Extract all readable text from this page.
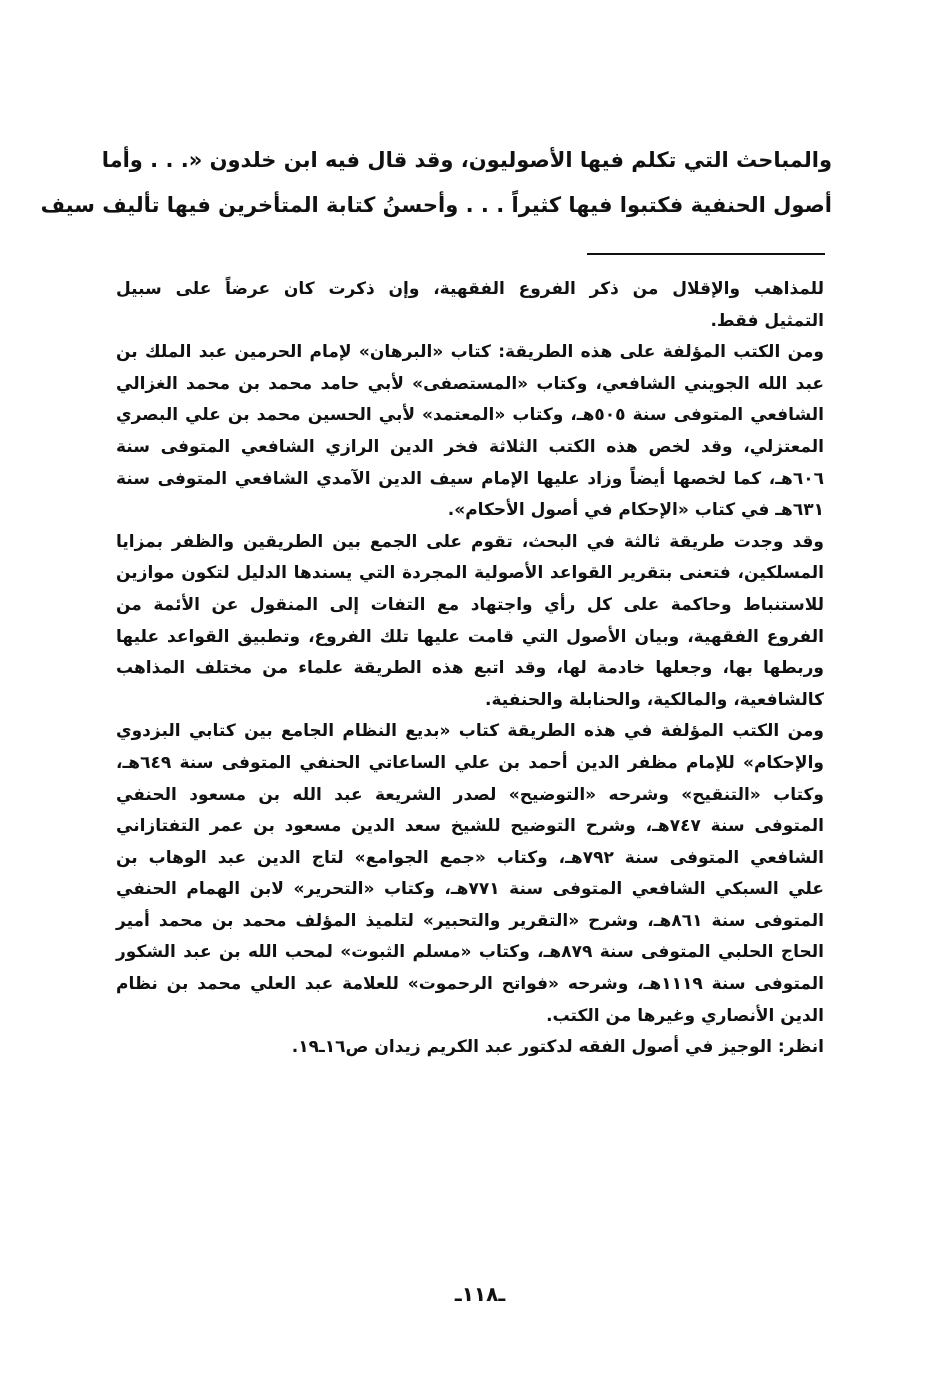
والمباحث التي تكلم فيها الأصوليون، وقد قال فيه ابن خلدون «. . . وأما
أصول الحنفية فكتبوا فيها كثيراً . . . وأحسنُ كتابة المتأخرين فيها تأليف سيف
للمذاهب والإقلال من ذكر الفروع الفقهية، وإن ذكرت كان عرضاً على سبيل
التمثيل فقط.
ومن الكتب المؤلفة على هذه الطريقة: كتاب «البرهان» لإمام الحرمين عبد الملك بن
عبد الله الجويني الشافعي، وكتاب «المستصفى» لأبي حامد محمد بن محمد الغزالي
الشافعي المتوفى سنة ٥٠٥هـ، وكتاب «المعتمد» لأبي الحسين محمد بن علي البصري
المعتزلي، وقد لخص هذه الكتب الثلاثة فخر الدين الرازي الشافعي المتوفى سنة
٦٠٦هـ، كما لخصها أيضاً وزاد عليها الإمام سيف الدين الآمدي الشافعي المتوفى سنة
٦٣١هـ في كتاب «الإحكام في أصول الأحكام».
وقد وجدت طريقة ثالثة في البحث، تقوم على الجمع بين الطريقين والظفر بمزايا
المسلكين، فتعنى بتقرير القواعد الأصولية المجردة التي يسندها الدليل لتكون موازين
للاستنباط وحاكمة على كل رأي واجتهاد مع التفات إلى المنقول عن الأئمة من
الفروع الفقهية، وبيان الأصول التي قامت عليها تلك الفروع، وتطبيق القواعد عليها
وربطها بها، وجعلها خادمة لها، وقد اتبع هذه الطريقة علماء من مختلف المذاهب
كالشافعية، والمالكية، والحنابلة والحنفية.
ومن الكتب المؤلفة في هذه الطريقة كتاب «بديع النظام الجامع بين كتابي البزدوي
والإحكام» للإمام مظفر الدين أحمد بن علي الساعاتي الحنفي المتوفى سنة ٦٤٩هـ،
وكتاب «التنقيح» وشرحه «التوضيح» لصدر الشريعة عبد الله بن مسعود الحنفي
المتوفى سنة ٧٤٧هـ، وشرح التوضيح للشيخ سعد الدين مسعود بن عمر التفتازاني
الشافعي المتوفى سنة ٧٩٢هـ، وكتاب «جمع الجوامع» لتاج الدين عبد الوهاب بن
علي السبكي الشافعي المتوفى سنة ٧٧١هـ، وكتاب «التحرير» لابن الهمام الحنفي
المتوفى سنة ٨٦١هـ، وشرح «التقرير والتحبير» لتلميذ المؤلف محمد بن محمد أمير
الحاج الحلبي المتوفى سنة ٨٧٩هـ، وكتاب «مسلم الثبوت» لمحب الله بن عبد الشكور
المتوفى سنة ١١١٩هـ، وشرحه «فواتح الرحموت» للعلامة عبد العلي محمد بن نظام
الدين الأنصاري وغيرها من الكتب.
انظر: الوجيز في أصول الفقه لدكتور عبد الكريم زيدان ص١٦ـ١٩.
ـ١١٨ـ
